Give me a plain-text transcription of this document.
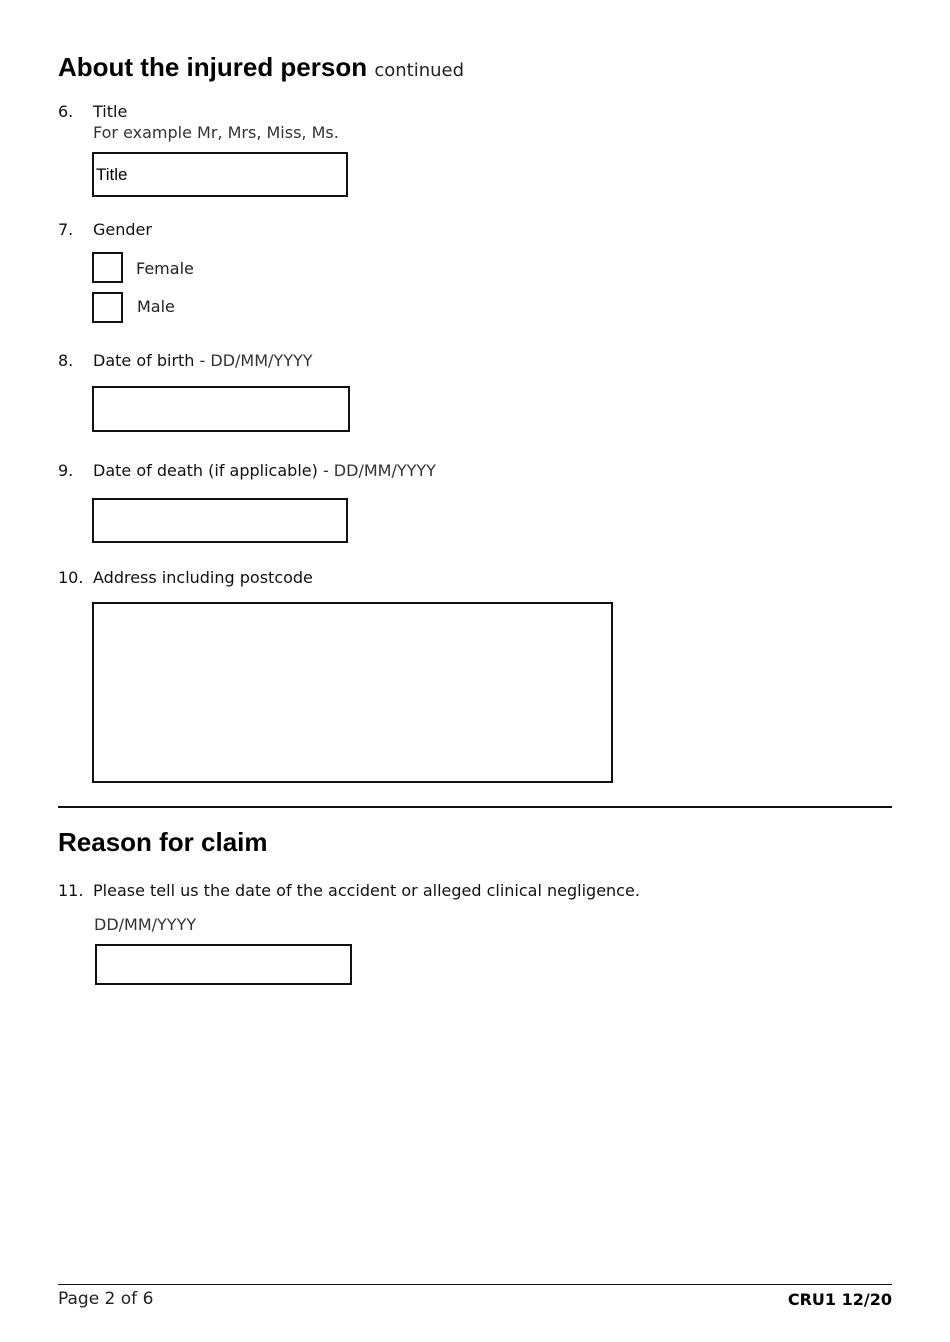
About the injured person continued
6. Title
For example Mr, Mrs, Miss, Ms.
Title
7. Gender
Female
Male
8. Date of birth - DD/MM/YYYY
9. Date of death (if applicable) - DD/MM/YYYY
10. Address including postcode
Reason for claim
11. Please tell us the date of the accident or alleged clinical negligence.
DD/MM/YYYY
Page 2 of 6	CRU1 12/20
